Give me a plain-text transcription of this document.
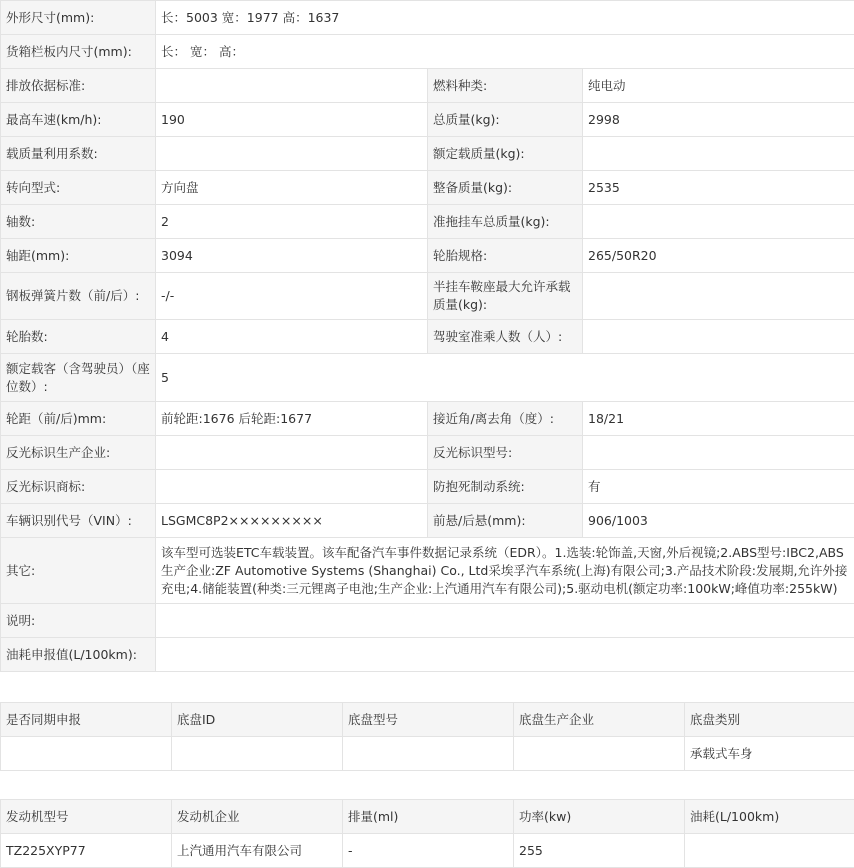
外形尺寸(mm):	长：5003 宽：1977 高：1637		
货箱栏板内尺寸(mm):	长： 宽： 高：		
排放依据标准:		燃料种类:	纯电动
最高车速(km/h):	190	总质量(kg):	2998
载质量利用系数:		额定载质量(kg):	
转向型式:	方向盘	整备质量(kg):	2535
轴数:	2	准拖挂车总质量(kg):	
轴距(mm):	3094	轮胎规格:	265/50R20
钢板弹簧片数（前/后）:	-/-	半挂车鞍座最大允许承载质量(kg):	
轮胎数:	4	驾驶室准乘人数（人）:	
额定载客（含驾驶员）（座位数）:	5		
轮距（前/后)mm:	前轮距:1676 后轮距:1677	接近角/离去角（度）:	18/21
反光标识生产企业:		反光标识型号:	
反光标识商标:		防抱死制动系统:	有
车辆识别代号（VIN）:	LSGMC8P2×××××××××	前悬/后悬(mm):	906/1003
其它:	该车型可选装ETC车载装置。该车配备汽车事件数据记录系统（EDR）。1.选装:轮饰盖,天窗,外后视镜;2.ABS型号:IBC2,ABS生产企业:ZF Automotive Systems (Shanghai) Co., Ltd采埃孚汽车系统(上海)有限公司;3.产品技术阶段:发展期,允许外接充电;4.储能装置(种类:三元锂离子电池;生产企业:上汽通用汽车有限公司);5.驱动电机(额定功率:100kW;峰值功率:255kW)		
说明:			
油耗申报值(L/100km):			
是否同期申报	底盘ID	底盘型号	底盘生产企业	底盘类别
				承载式车身
发动机型号	发动机企业	排量(ml)	功率(kw)	油耗(L/100km)
TZ225XYP77	上汽通用汽车有限公司	-	255	
